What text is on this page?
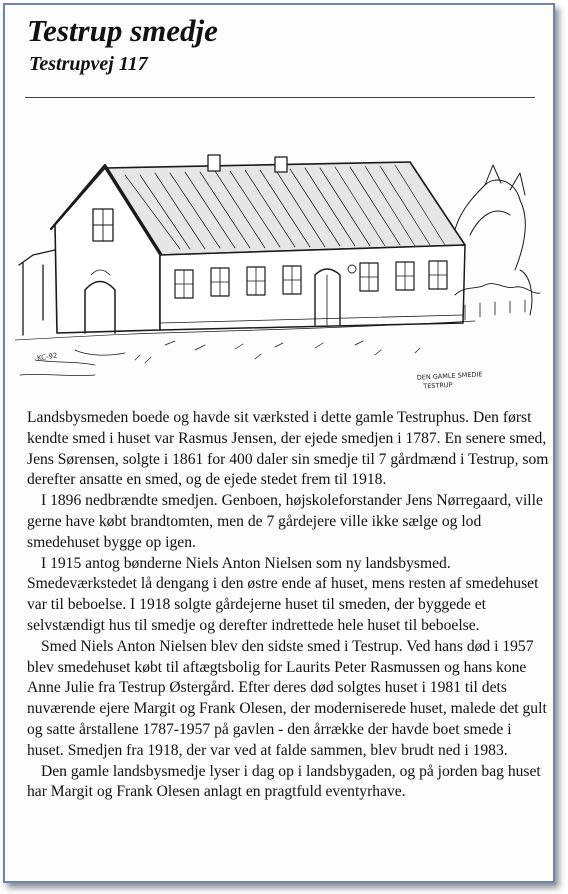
Testrup smedje
Testrupvej 117
KC-92
DEN GAMLE SMEDIE
TESTRUP

Landsbysmeden boede og havde sit værksted i dette gamle Testruphus. Den først kendte smed i huset var Rasmus Jensen, der ejede smedjen i 1787. En senere smed, Jens Sørensen, solgte i 1861 for 400 daler sin smedje til 7 gårdmænd i Testrup, som derefter ansatte en smed, og de ejede stedet frem til 1918.

I 1896 nedbrændte smedjen. Genboen, højskoleforstander Jens Nørregaard, ville gerne have købt brandtomten, men de 7 gårdejere ville ikke sælge og lod smedehuset bygge op igen.

I 1915 antog bønderne Niels Anton Nielsen som ny landsbysmed. Smedeværkstedet lå dengang i den østre ende af huset, mens resten af smedehuset var til beboelse. I 1918 solgte gårdejerne huset til smeden, der byggede et selvstændigt hus til smedje og derefter indrettede hele huset til beboelse.

Smed Niels Anton Nielsen blev den sidste smed i Testrup. Ved hans død i 1957 blev smedehuset købt til aftægtsbolig for Laurits Peter Rasmussen og hans kone Anne Julie fra Testrup Østergård. Efter deres død solgtes huset i 1981 til dets nuværende ejere Margit og Frank Olesen, der moderniserede huset, malede det gult og satte årstallene 1787-1957 på gavlen - den årrække der havde boet smede i huset. Smedjen fra 1918, der var ved at falde sammen, blev brudt ned i 1983.

Den gamle landsbysmedje lyser i dag op i landsbygaden, og på jorden bag huset har Margit og Frank Olesen anlagt en pragtfuld eventyrhave.
